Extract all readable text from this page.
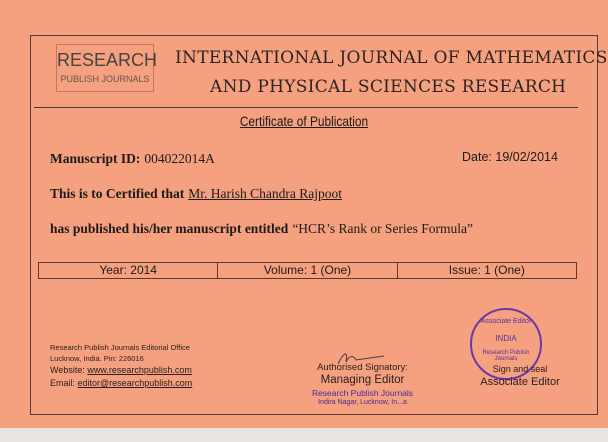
RESEARCH
PUBLISH JOURNALS
INTERNATIONAL JOURNAL OF MATHEMATICS
AND PHYSICAL SCIENCES RESEARCH
Certificate of Publication
Manuscript ID: 004022014A	Date: 19/02/2014
This is to Certified that Mr. Harish Chandra Rajpoot
has published his/her manuscript entitled “HCR’s Rank or Series Formula”
Year: 2014	Volume: 1 (One)	Issue: 1 (One)
Research Publish Journals Editorial Office
Lucknow, India. Pin: 226016
Website: www.researchpublish.com
Email: editor@researchpublish.com
Authorised Signatory:
Managing Editor
Research Publish Journals
Indira Nagar, Lucknow, In...a
Associate Editor
INDIA
Research Publish Journals
Sign and seal
Associate Editor
